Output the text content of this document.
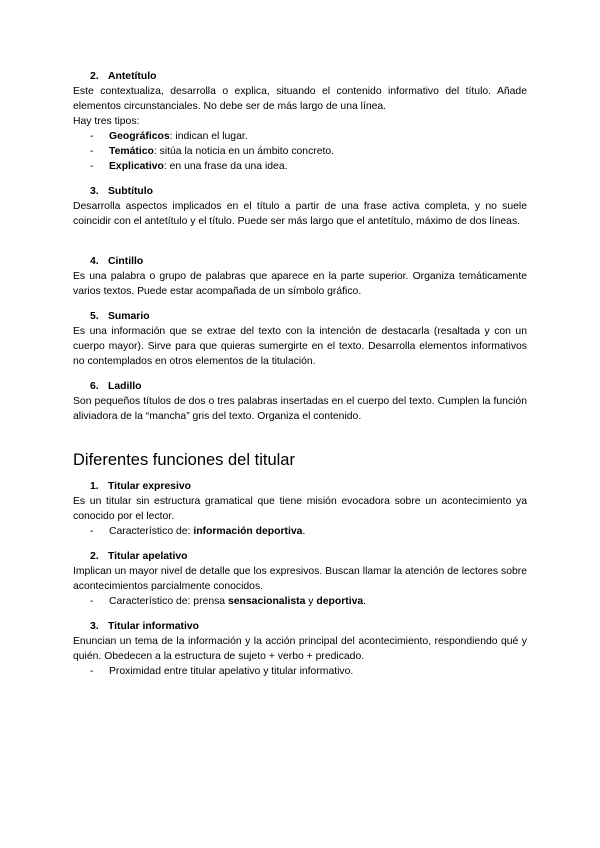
2. Antetítulo

Este contextualiza, desarrolla o explica, situando el contenido informativo del título. Añade elementos circunstanciales. No debe ser de más largo de una línea.

Hay tres tipos:

- Geográficos: indican el lugar.
- Temático: sitúa la noticia en un ámbito concreto.
- Explicativo: en una frase da una idea.
3. Subtítulo

Desarrolla aspectos implicados en el título a partir de una frase activa completa, y no suele coincidir con el antetítulo y el título. Puede ser más largo que el antetítulo, máximo de dos líneas.

4. Cintillo

Es una palabra o grupo de palabras que aparece en la parte superior. Organiza temáticamente varios textos. Puede estar acompañada de un símbolo gráfico.

5. Sumario

Es una información que se extrae del texto con la intención de destacarla (resaltada y con un cuerpo mayor). Sirve para que quieras sumergirte en el texto. Desarrolla elementos informativos no contemplados en otros elementos de la titulación.

6. Ladillo

Son pequeños títulos de dos o tres palabras insertadas en el cuerpo del texto. Cumplen la función aliviadora de la “mancha” gris del texto. Organiza el contenido.

Diferentes funciones del titular
1. Titular expresivo

Es un titular sin estructura gramatical que tiene misión evocadora sobre un acontecimiento ya conocido por el lector.

- Característico de: información deportiva.
2. Titular apelativo

Implican un mayor nivel de detalle que los expresivos. Buscan llamar la atención de lectores sobre acontecimientos parcialmente conocidos.

- Característico de: prensa sensacionalista y deportiva.
3. Titular informativo

Enuncian un tema de la información y la acción principal del acontecimiento, respondiendo qué y quién. Obedecen a la estructura de sujeto + verbo + predicado.

- Proximidad entre titular apelativo y titular informativo.
